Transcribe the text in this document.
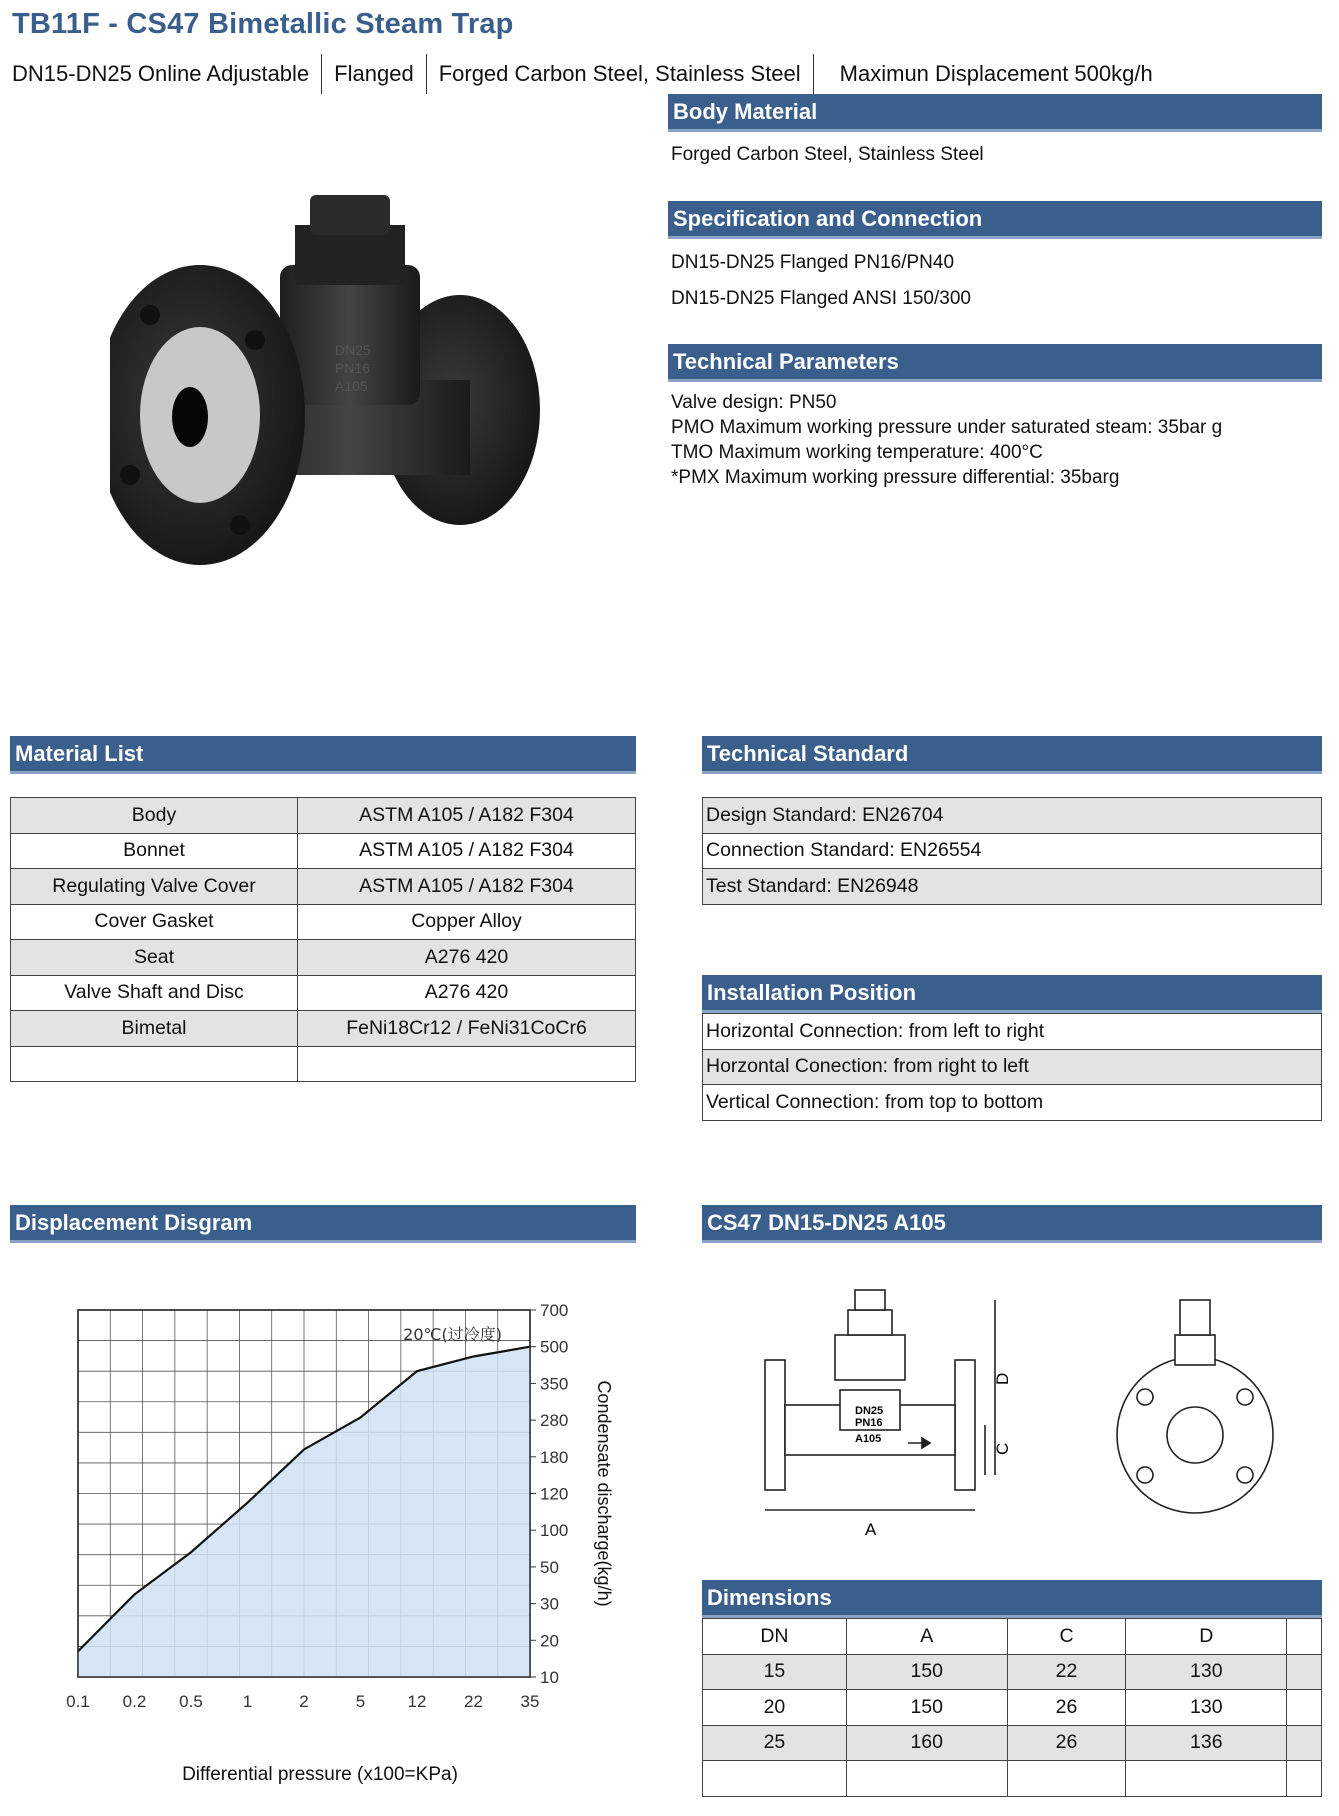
TB11F - CS47 Bimetallic Steam Trap
DN15-DN25 Online Adjustable	Flanged	Forged Carbon Steel, Stainless Steel	Maximun Displacement 500kg/h
DN25
PN16
A105
Body Material
Forged Carbon Steel, Stainless Steel
Specification and Connection
DN15-DN25 Flanged PN16/PN40
DN15-DN25 Flanged ANSI 150/300
Technical Parameters
Valve design: PN50
PMO Maximum working pressure under saturated steam: 35bar g
TMO Maximum working temperature: 400°C
*PMX Maximum working pressure differential: 35barg
Material List
Body	ASTM A105 / A182 F304
Bonnet	ASTM A105 / A182 F304
Regulating Valve Cover	ASTM A105 / A182 F304
Cover Gasket	Copper Alloy
Seat	A276 420
Valve Shaft and Disc	A276 420
Bimetal	FeNi18Cr12 / FeNi31CoCr6

Technical Standard
Design Standard: EN26704
Connection Standard: EN26554
Test Standard: EN26948
Installation Position
Horizontal Connection: from left to right
Horzontal Conection: from right to left
Vertical Connection: from top to bottom
Displacement Disgram
0.1 0.2 0.5 1	2	5 12 22 35
10
20
30
50
100
120
180
280
350
500
700
20℃(过冷度)
Differential pressure (x100=KPa)
Condensate discharge(kg/h)
CS47 DN15-DN25 A105
DN25
PN16
A105
A
C
D
Dimensions
DN	A	C	D	
15	150	22	130	
20	150	26	130	
25	160	26	136	
